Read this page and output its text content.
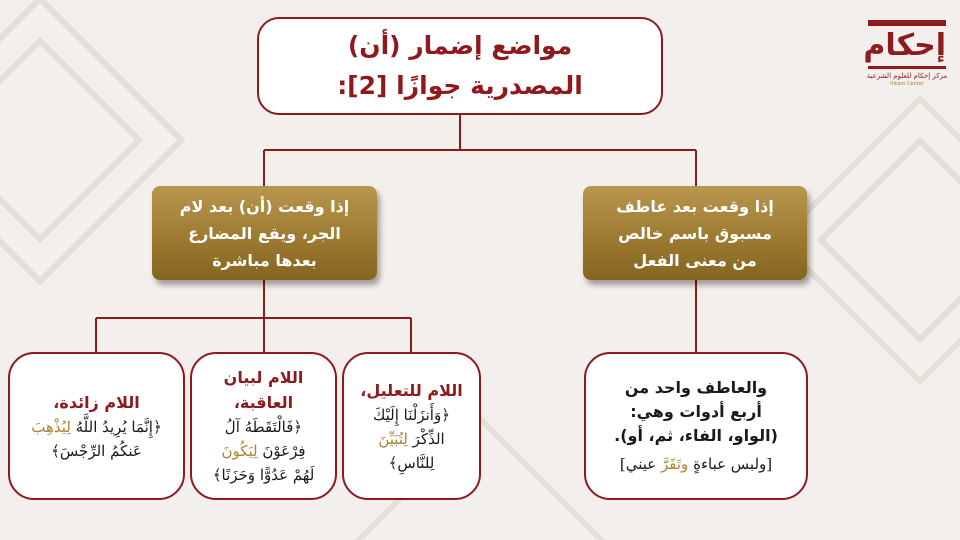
إحكام
مركز إحكام للعلوم الشرعية
Ihkam Center
مواضع إضمار (أن)
المصدرية جوازًا [2]:
إذا وقعت (أن) بعد لام
الجر، ويقع المضارع
بعدها مباشرة
إذا وقعت بعد عاطف
مسبوق باسم خالص
من معنى الفعل
اللام زائدة،
﴿إِنَّمَا يُرِيدُ اللَّهُ لِيُذْهِبَ
عَنكُمُ الرِّجْسَ﴾
اللام لبيان
العاقبة،
﴿فَالْتَقَطَهُ آلُ
فِرْعَوْنَ لِيَكُونَ
لَهُمْ عَدُوًّا وَحَزَنًا﴾
اللام للتعليل،
﴿وَأَنزَلْنَا إِلَيْكَ
الذِّكْرَ لِتُبَيِّنَ
لِلنَّاسِ﴾
والعاطف واحد من
أربع أدوات وهي:
(الواو، الفاء، ثم، أو).
[ولبس عباءةٍ وتَقَرَّ عيني]
